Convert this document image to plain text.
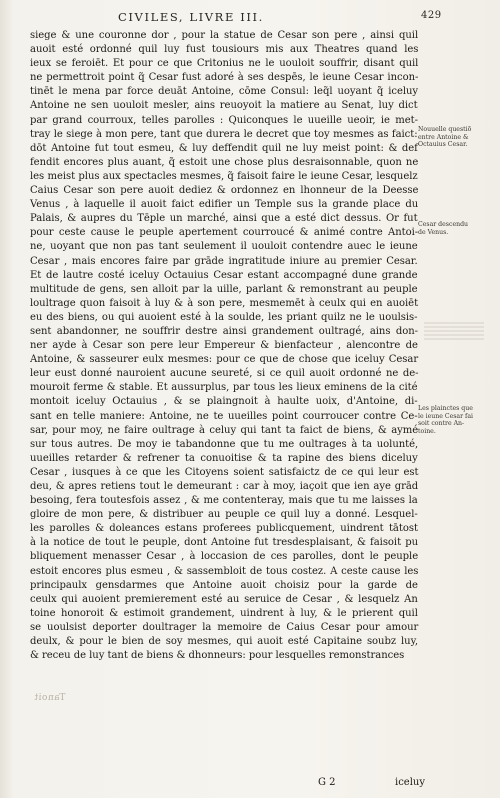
CIVILES, LIVRE III.	429
siege & une couronne dor , pour la statue de Cesar son pere , ainsi quil
auoit esté ordonné quil luy fust tousiours mis aux Theatres quand les
ieux se feroiēt. Et pour ce que Critonius ne le uouloit souffrir, disant quil
ne permettroit point q̃ Cesar fust adoré à ses despēs, le ieune Cesar incon-
tinēt le mena par force deuāt Antoine, cōme Consul: leq̃l uoyant q̃ iceluy
Antoine ne sen uouloit mesler, ains reuoyoit la matiere au Senat, luy dict
par grand courroux, telles parolles : Quiconques le uueille ueoir, ie met-
tray le siege à mon pere, tant que durera le decret que toy mesmes as faict:
dōt Antoine fut tout esmeu, & luy deffendit quil ne luy meist point: & def
fendit encores plus auant, q̃ estoit une chose plus desraisonnable, quon ne
les meist plus aux spectacles mesmes, q̃ faisoit faire le ieune Cesar, lesquelz
Caius Cesar son pere auoit dediez & ordonnez en lhonneur de la Deesse
Venus , à laquelle il auoit faict edifier un Temple sus la grande place du
Palais, & aupres du Tēple un marché, ainsi que a esté dict dessus. Or fut
pour ceste cause le peuple apertement courroucé & animé contre Antoi-
ne, uoyant que non pas tant seulement il uouloit contendre auec le ieune
Cesar , mais encores faire par grāde ingratitude iniure au premier Cesar.
Et de lautre costé iceluy Octauius Cesar estant accompagné dune grande
multitude de gens, sen alloit par la uille, parlant & remonstrant au peuple
loultrage quon faisoit à luy & à son pere, mesmemēt à ceulx qui en auoiēt
eu des biens, ou qui auoient esté à la soulde, les priant quilz ne le uoulsis-
sent abandonner, ne souffrir destre ainsi grandement oultragé, ains don-
ner ayde à Cesar son pere leur Empereur & bienfacteur , alencontre de
Antoine, & sasseurer eulx mesmes: pour ce que de chose que iceluy Cesar
leur eust donné nauroient aucune seureté, si ce quil auoit ordonné ne de-
mouroit ferme & stable. Et aussurplus, par tous les lieux eminens de la cité
montoit iceluy Octauius , & se plaingnoit à haulte uoix, d'Antoine, di-
sant en telle maniere: Antoine, ne te uueilles point courroucer contre Ce-
sar, pour moy, ne faire oultrage à celuy qui tant ta faict de biens, & aymé
sur tous autres. De moy ie tabandonne que tu me oultrages à ta uolunté,
uueilles retarder & refrener ta conuoitise & ta rapine des biens diceluy
Cesar , iusques à ce que les Citoyens soient satisfaictz de ce qui leur est
deu, & apres retiens tout le demeurant : car à moy, iaçoit que ien aye grād
besoing, fera toutesfois assez , & me contenteray, mais que tu me laisses la
gloire de mon pere, & distribuer au peuple ce quil luy a donné. Lesquel-
les parolles & doleances estans proferees publicquement, uindrent tātost
à la notice de tout le peuple, dont Antoine fut tresdesplaisant, & faisoit pu
bliquement menasser Cesar , à loccasion de ces parolles, dont le peuple
estoit encores plus esmeu , & sassembloit de tous costez. A ceste cause les
principaulx gensdarmes que Antoine auoit choisiz pour la garde de
ceulx qui auoient premierement esté au seruice de Cesar , & lesquelz An
toine honoroit & estimoit grandement, uindrent à luy, & le prierent quil
se uoulsist deporter doultrager la memoire de Caius Cesar pour amour
deulx, & pour le bien de soy mesmes, qui auoit esté Capitaine soubz luy,
& receu de luy tant de biens & dhonneurs: pour lesquelles remonstrances
Nouuelle questiõ
entre Antoine &
Octauius Cesar.
Cesar descendu
de Venus.
Les plainctes que
le ieune Cesar fai
soit contre An-
toine.
Tanoit
G 2	iceluy
